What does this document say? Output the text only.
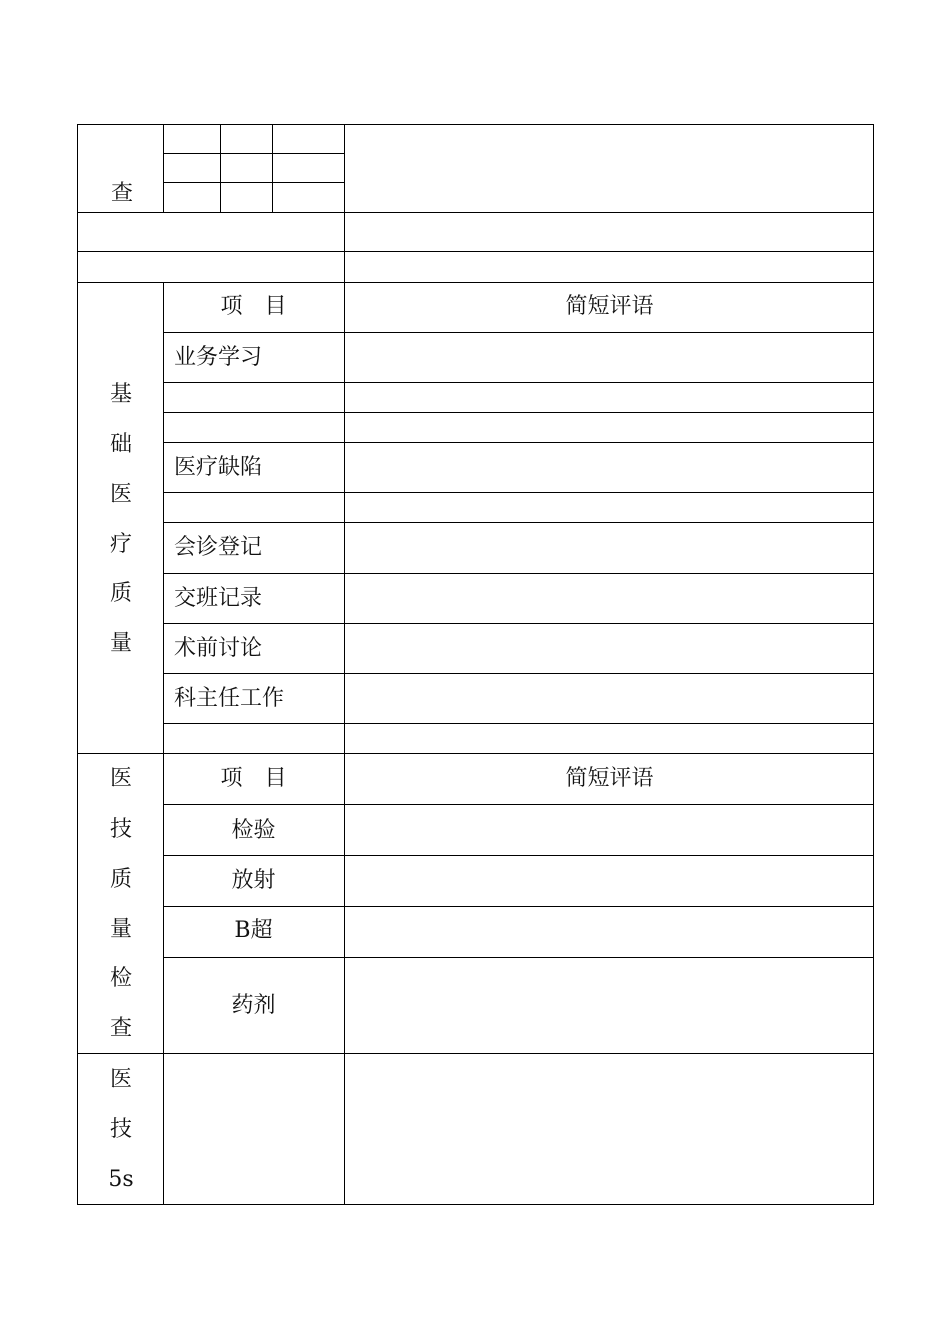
查
项　目	简短评语
基
础
医
疗
质
量
业务学习
医疗缺陷
会诊登记
交班记录
术前讨论
科主任工作
项　目	简短评语
医
技
质
量
检
查
检验
放射
B超
药剂
医
技
5s
